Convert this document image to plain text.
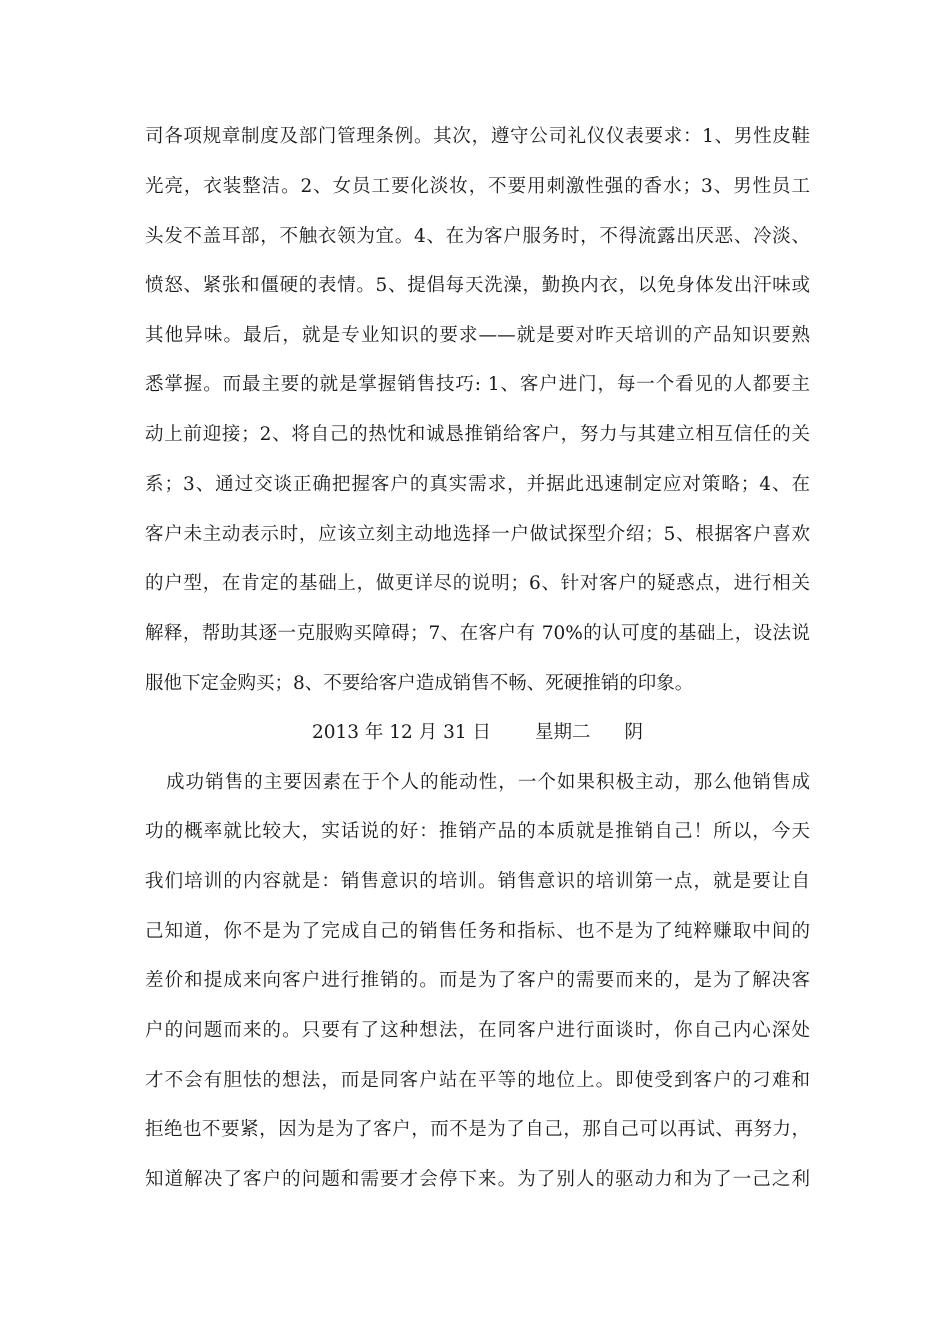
司各项规章制度及部门管理条例。其次，遵守公司礼仪仪表要求：1、男性皮鞋
光亮，衣装整洁。2、女员工要化淡妆，不要用刺激性强的香水；3、男性员工
头发不盖耳部，不触衣领为宜。4、在为客户服务时，不得流露出厌恶、冷淡、
愤怒、紧张和僵硬的表情。5、提倡每天洗澡，勤换内衣，以免身体发出汗味或
其他异味。最后，就是专业知识的要求——就是要对昨天培训的产品知识要熟
悉掌握。而最主要的就是掌握销售技巧: 1、客户进门，每一个看见的人都要主
动上前迎接；2、将自己的热忱和诚恳推销给客户，努力与其建立相互信任的关
系；3、通过交谈正确把握客户的真实需求，并据此迅速制定应对策略；4、在
客户未主动表示时，应该立刻主动地选择一户做试探型介绍；5、根据客户喜欢
的户型，在肯定的基础上，做更详尽的说明；6、针对客户的疑惑点，进行相关
解释，帮助其逐一克服购买障碍；7、在客户有 70%的认可度的基础上，设法说
服他下定金购买；8、不要给客户造成销售不畅、死硬推销的印象。
2013 年 12 月 31 日 星期二 阴
成功销售的主要因素在于个人的能动性，一个如果积极主动，那么他销售成
功的概率就比较大，实话说的好：推销产品的本质就是推销自己！所以，今天
我们培训的内容就是：销售意识的培训。销售意识的培训第一点，就是要让自
己知道，你不是为了完成自己的销售任务和指标、也不是为了纯粹赚取中间的
差价和提成来向客户进行推销的。而是为了客户的需要而来的，是为了解决客
户的问题而来的。只要有了这种想法，在同客户进行面谈时，你自己内心深处
才不会有胆怯的想法，而是同客户站在平等的地位上。即使受到客户的刁难和
拒绝也不要紧，因为是为了客户，而不是为了自己，那自己可以再试、再努力，
知道解决了客户的问题和需要才会停下来。为了别人的驱动力和为了一己之利
